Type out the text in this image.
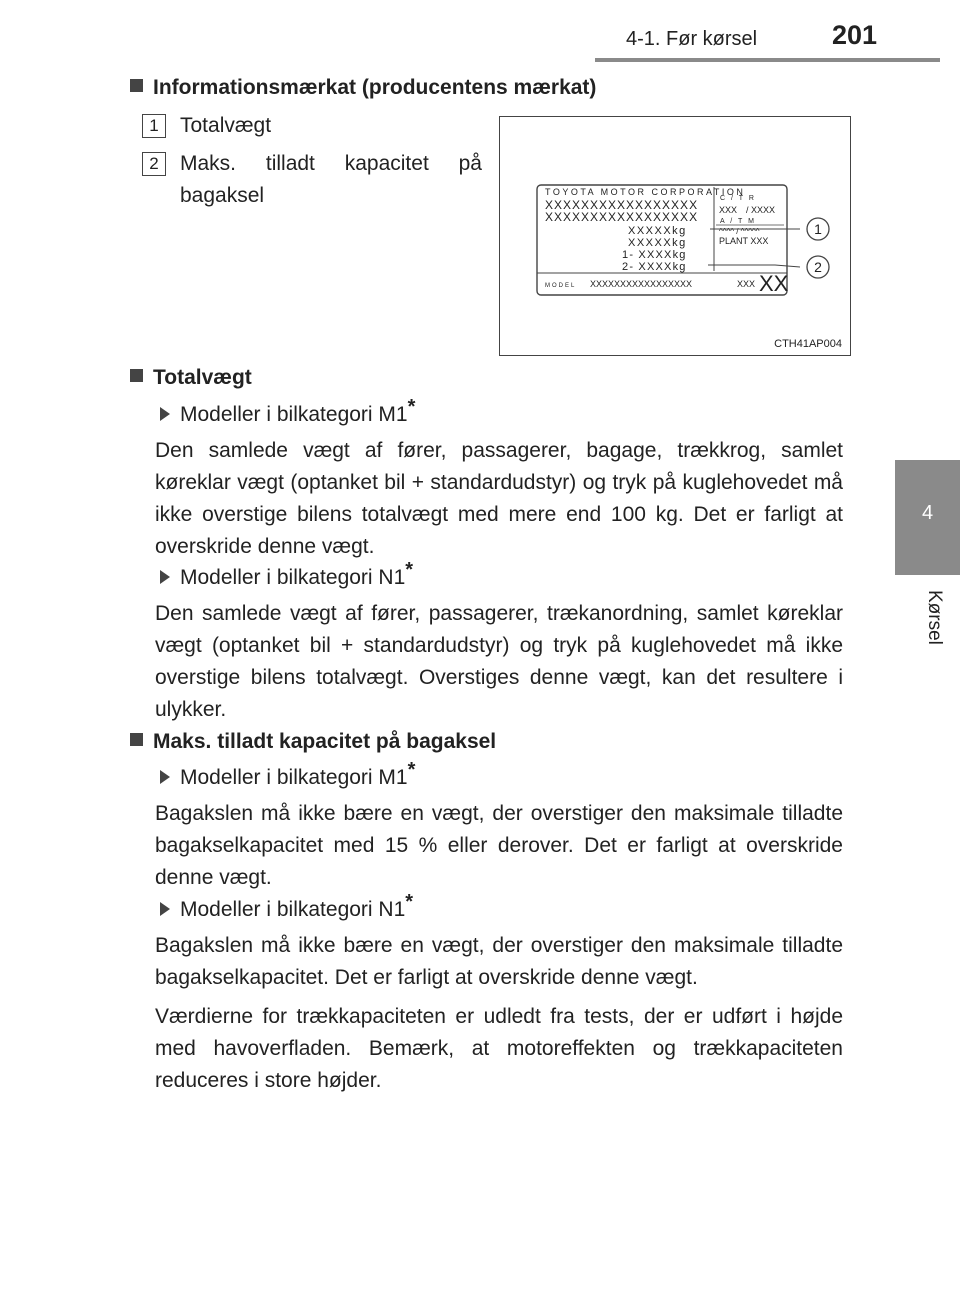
4-1. Før kørsel	201
4
Kørsel
Informationsmærkat (producentens mærkat)
1	Totalvægt
2	Maks. tilladt kapacitet på bagaksel	TOYOTA MOTOR CORPORATION
XXXXXXXXXXXXXXXXX
XXXXXXXXXXXXXXXXX
XXXXXkg
XXXXXkg
1- XXXXkg
2- XXXXkg
C / T R
XXX / XXXX
A / T M
^^^^ / ^^^^^
PLANT XXX
MODEL XXXXXXXXXXXXXXXXX	XXX XX
1
2
CTH41AP004
Totalvægt
Modeller i bilkategori M1*
Den samlede vægt af fører, passagerer, bagage, trækkrog, samlet køreklar vægt (optanket bil + standardudstyr) og tryk på kuglehovedet må ikke overstige bilens totalvægt med mere end 100 kg. Det er farligt at overskride denne vægt.
Modeller i bilkategori N1*
Den samlede vægt af fører, passagerer, trækanordning, samlet køreklar vægt (optanket bil + standardudstyr) og tryk på kuglehovedet må ikke overstige bilens totalvægt. Overstiges denne vægt, kan det resultere i ulykker.
Maks. tilladt kapacitet på bagaksel
Modeller i bilkategori M1*
Bagakslen må ikke bære en vægt, der overstiger den maksimale tilladte bagakselkapacitet med 15 % eller derover. Det er farligt at overskride denne vægt.
Modeller i bilkategori N1*
Bagakslen må ikke bære en vægt, der overstiger den maksimale tilladte bagakselkapacitet. Det er farligt at overskride denne vægt.
Værdierne for trækkapaciteten er udledt fra tests, der er udført i højde med havoverfladen. Bemærk, at motoreffekten og trækkapaciteten reduceres i store højder.
